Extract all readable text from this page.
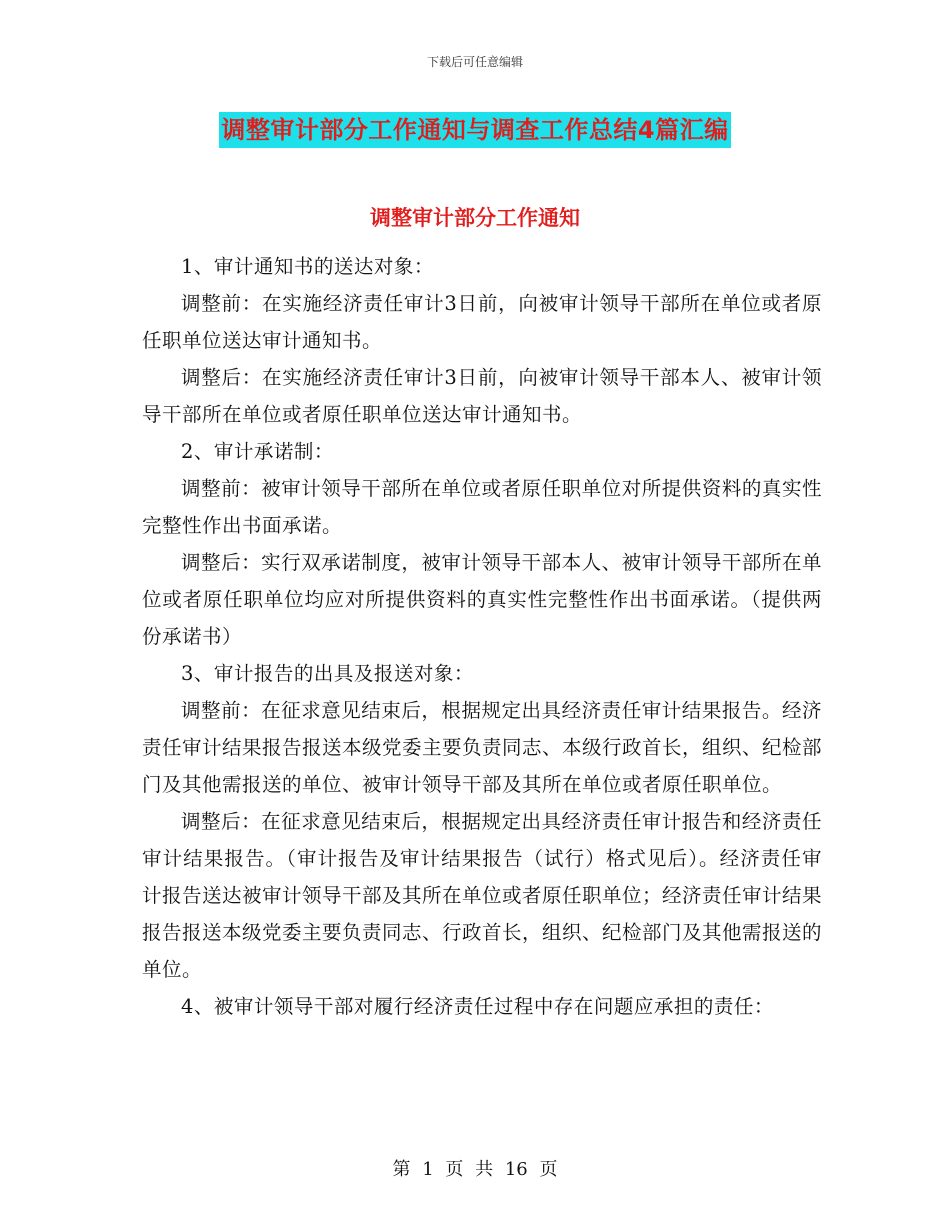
下载后可任意编辑
调整审计部分工作通知与调查工作总结4篇汇编
调整审计部分工作通知

1、审计通知书的送达对象：

调整前：在实施经济责任审计3日前，向被审计领导干部所在单位或者原任职单位送达审计通知书。

调整后：在实施经济责任审计3日前，向被审计领导干部本人、被审计领导干部所在单位或者原任职单位送达审计通知书。

2、审计承诺制：

调整前：被审计领导干部所在单位或者原任职单位对所提供资料的真实性完整性作出书面承诺。

调整后：实行双承诺制度，被审计领导干部本人、被审计领导干部所在单位或者原任职单位均应对所提供资料的真实性完整性作出书面承诺。（提供两份承诺书）

3、审计报告的出具及报送对象：

调整前：在征求意见结束后，根据规定出具经济责任审计结果报告。经济责任审计结果报告报送本级党委主要负责同志、本级行政首长，组织、纪检部门及其他需报送的单位、被审计领导干部及其所在单位或者原任职单位。

调整后：在征求意见结束后，根据规定出具经济责任审计报告和经济责任审计结果报告。（审计报告及审计结果报告（试行）格式见后）。经济责任审计报告送达被审计领导干部及其所在单位或者原任职单位；经济责任审计结果报告报送本级党委主要负责同志、行政首长，组织、纪检部门及其他需报送的单位。

4、被审计领导干部对履行经济责任过程中存在问题应承担的责任：

第 1 页 共 16 页
